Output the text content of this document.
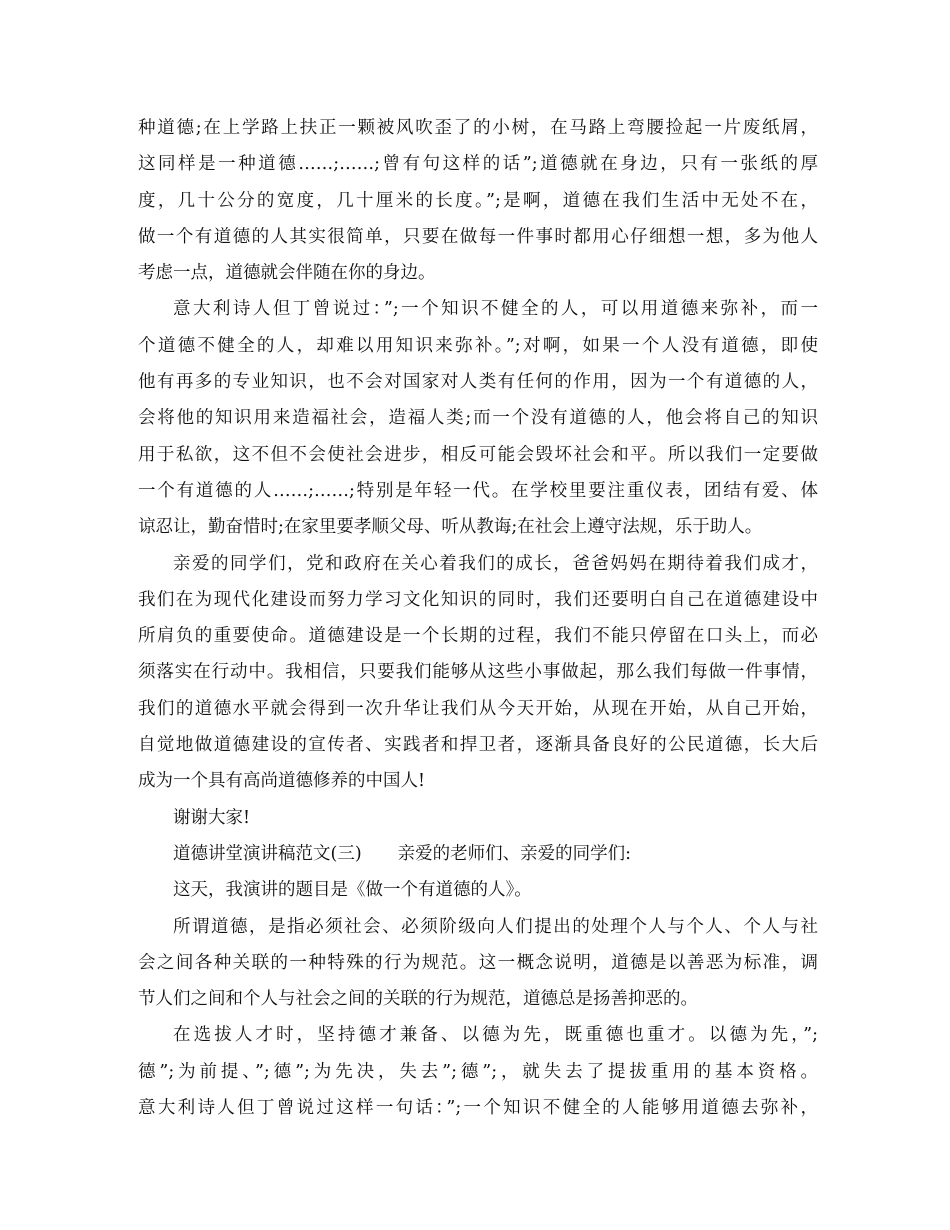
种道德;在上学路上扶正一颗被风吹歪了的小树，在马路上弯腰捡起一片废纸屑，
这同样是一种道德……;……;曾有句这样的话”;道德就在身边，只有一张纸的厚
度，几十公分的宽度，几十厘米的长度。”;是啊，道德在我们生活中无处不在，
做一个有道德的人其实很简单，只要在做每一件事时都用心仔细想一想，多为他人
考虑一点，道德就会伴随在你的身边。
意大利诗人但丁曾说过：”;一个知识不健全的人，可以用道德来弥补，而一
个道德不健全的人，却难以用知识来弥补。”;对啊，如果一个人没有道德，即使
他有再多的专业知识，也不会对国家对人类有任何的作用，因为一个有道德的人，
会将他的知识用来造福社会，造福人类;而一个没有道德的人，他会将自己的知识
用于私欲，这不但不会使社会进步，相反可能会毁坏社会和平。所以我们一定要做
一个有道德的人……;……;特别是年轻一代。在学校里要注重仪表，团结有爱、体
谅忍让，勤奋惜时;在家里要孝顺父母、听从教诲;在社会上遵守法规，乐于助人。
亲爱的同学们，党和政府在关心着我们的成长，爸爸妈妈在期待着我们成才，
我们在为现代化建设而努力学习文化知识的同时，我们还要明白自己在道德建设中
所肩负的重要使命。道德建设是一个长期的过程，我们不能只停留在口头上，而必
须落实在行动中。我相信，只要我们能够从这些小事做起，那么我们每做一件事情，
我们的道德水平就会得到一次升华让我们从今天开始，从现在开始，从自己开始，
自觉地做道德建设的宣传者、实践者和捍卫者，逐渐具备良好的公民道德，长大后
成为一个具有高尚道德修养的中国人!
谢谢大家!
道德讲堂演讲稿范文(三) 亲爱的老师们、亲爱的同学们:
这天，我演讲的题目是《做一个有道德的人》。
所谓道德，是指必须社会、必须阶级向人们提出的处理个人与个人、个人与社
会之间各种关联的一种特殊的行为规范。这一概念说明，道德是以善恶为标准，调
节人们之间和个人与社会之间的关联的行为规范，道德总是扬善抑恶的。
在选拔人才时，坚持德才兼备、以德为先，既重德也重才。以德为先，”;
德”;为前提、”;德”;为先决，失去”;德”;，就失去了提拔重用的基本资格。
意大利诗人但丁曾说过这样一句话：”;一个知识不健全的人能够用道德去弥补，
